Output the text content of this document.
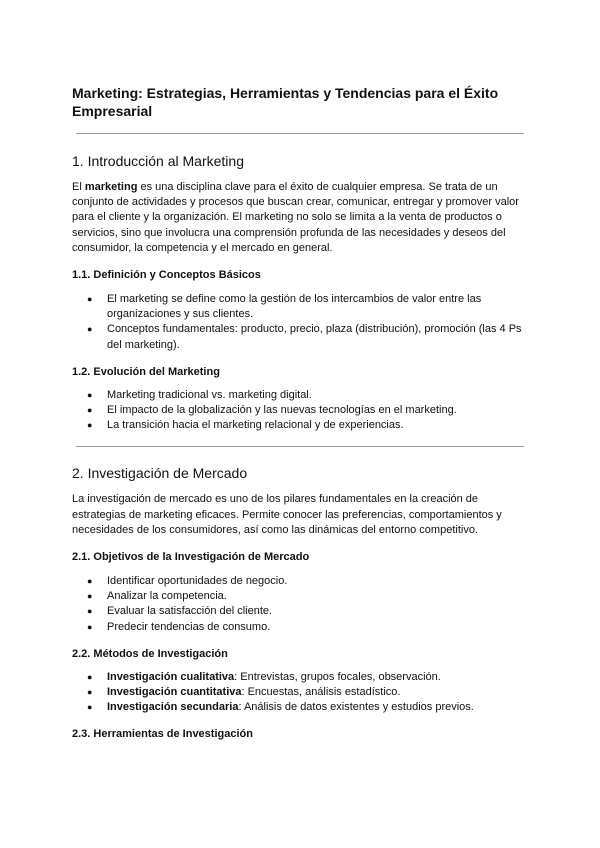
Marketing: Estrategias, Herramientas y Tendencias para el Éxito Empresarial
1. Introducción al Marketing

El marketing es una disciplina clave para el éxito de cualquier empresa. Se trata de un conjunto de actividades y procesos que buscan crear, comunicar, entregar y promover valor para el cliente y la organización. El marketing no solo se limita a la venta de productos o servicios, sino que involucra una comprensión profunda de las necesidades y deseos del consumidor, la competencia y el mercado en general.

1.1. Definición y Conceptos Básicos
● El marketing se define como la gestión de los intercambios de valor entre las organizaciones y sus clientes.
● Conceptos fundamentales: producto, precio, plaza (distribución), promoción (las 4 Ps del marketing).
1.2. Evolución del Marketing
● Marketing tradicional vs. marketing digital.
● El impacto de la globalización y las nuevas tecnologías en el marketing.
● La transición hacia el marketing relacional y de experiencias.
2. Investigación de Mercado

La investigación de mercado es uno de los pilares fundamentales en la creación de estrategias de marketing eficaces. Permite conocer las preferencias, comportamientos y necesidades de los consumidores, así como las dinámicas del entorno competitivo.

2.1. Objetivos de la Investigación de Mercado
● Identificar oportunidades de negocio.
● Analizar la competencia.
● Evaluar la satisfacción del cliente.
● Predecir tendencias de consumo.
2.2. Métodos de Investigación
● Investigación cualitativa: Entrevistas, grupos focales, observación.
● Investigación cuantitativa: Encuestas, análisis estadístico.
● Investigación secundaria: Análisis de datos existentes y estudios previos.
2.3. Herramientas de Investigación
